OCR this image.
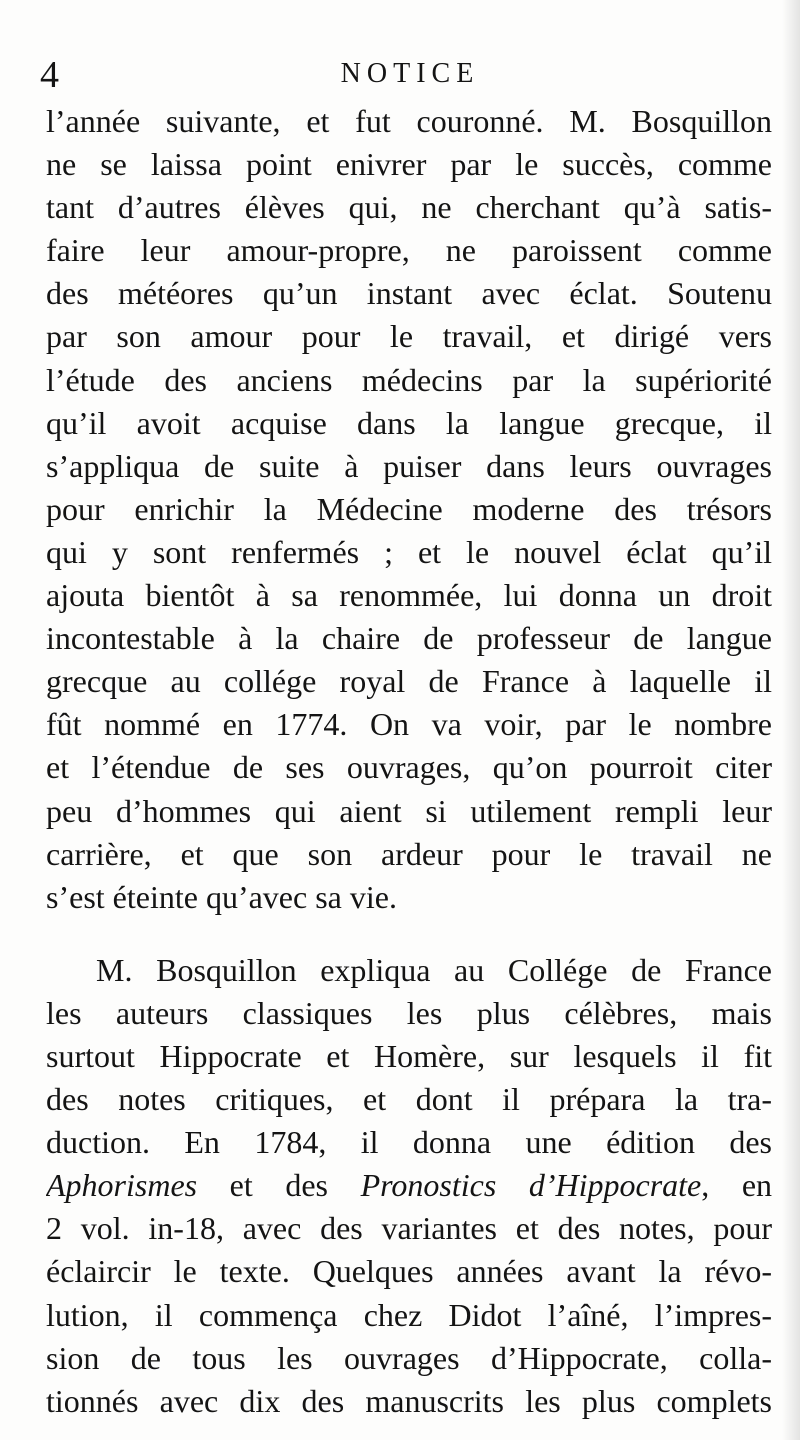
4	NOTICE
l’année suivante, et fut couronné. M. Bosquillon
ne se laissa point enivrer par le succès, comme
tant d’autres élèves qui, ne cherchant qu’à satis-
faire leur amour-propre, ne paroissent comme
des météores qu’un instant avec éclat. Soutenu
par son amour pour le travail, et dirigé vers
l’étude des anciens médecins par la supériorité
qu’il avoit acquise dans la langue grecque, il
s’appliqua de suite à puiser dans leurs ouvrages
pour enrichir la Médecine moderne des trésors
qui y sont renfermés ; et le nouvel éclat qu’il
ajouta bientôt à sa renommée, lui donna un droit
incontestable à la chaire de professeur de langue
grecque au collége royal de France à laquelle il
fût nommé en 1774. On va voir, par le nombre
et l’étendue de ses ouvrages, qu’on pourroit citer
peu d’hommes qui aient si utilement rempli leur
carrière, et que son ardeur pour le travail ne
s’est éteinte qu’avec sa vie.
M. Bosquillon expliqua au Collége de France
les auteurs classiques les plus célèbres, mais
surtout Hippocrate et Homère, sur lesquels il fit
des notes critiques, et dont il prépara la tra-
duction. En 1784, il donna une édition des
Aphorismes et des Pronostics d’Hippocrate, en
2 vol. in-18, avec des variantes et des notes, pour
éclaircir le texte. Quelques années avant la révo-
lution, il commença chez Didot l’aîné, l’impres-
sion de tous les ouvrages d’Hippocrate, colla-
tionnés avec dix des manuscrits les plus complets
